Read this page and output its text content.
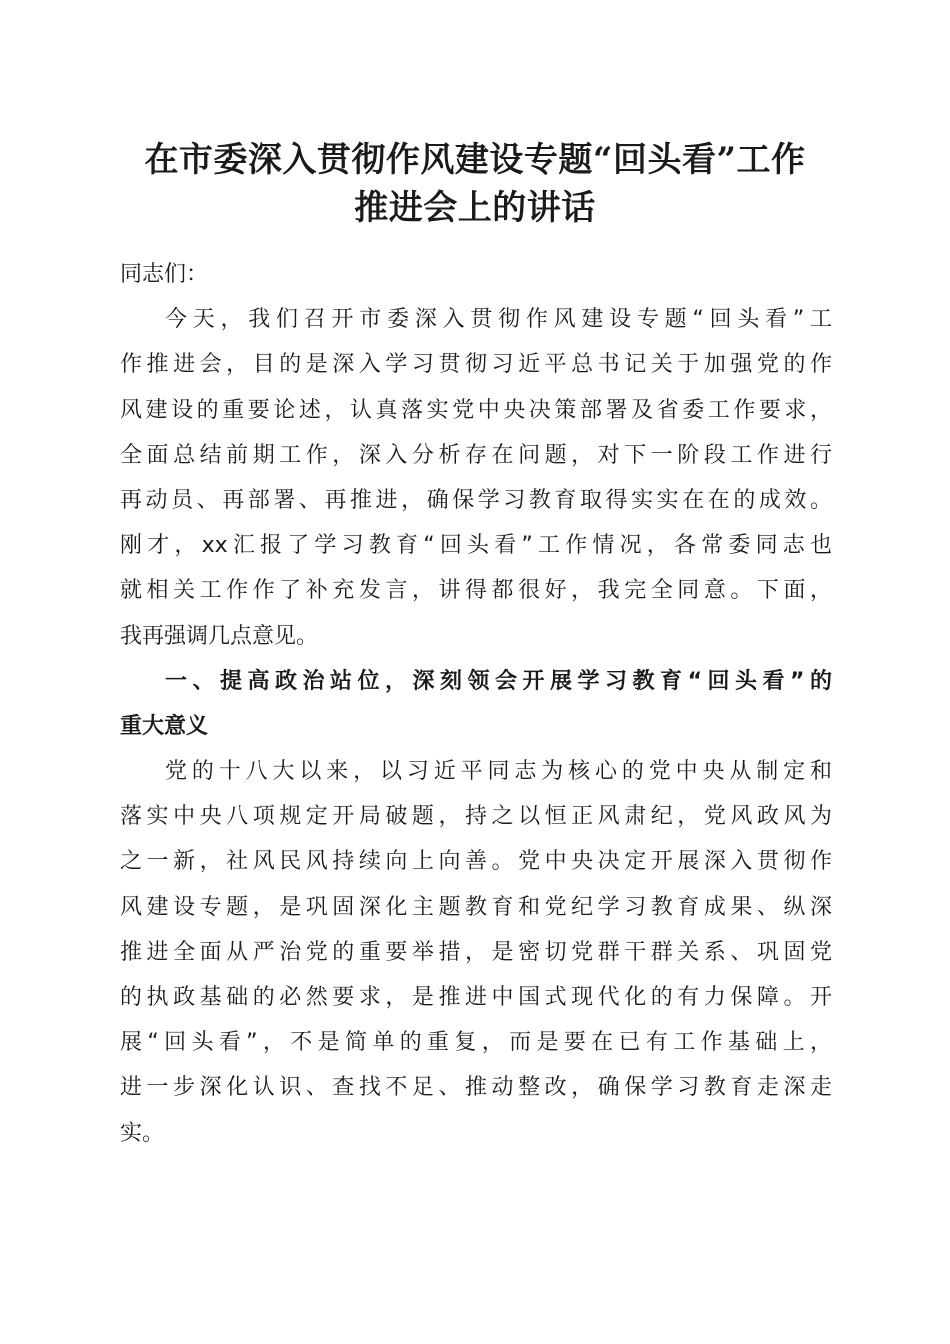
在市委深入贯彻作风建设专题“回头看”工作
推进会上的讲话
同志们：
今天，我们召开市委深入贯彻作风建设专题“回头看”工
作推进会，目的是深入学习贯彻习近平总书记关于加强党的作
风建设的重要论述，认真落实党中央决策部署及省委工作要求，
全面总结前期工作，深入分析存在问题，对下一阶段工作进行
再动员、再部署、再推进，确保学习教育取得实实在在的成效。
刚才，xx汇报了学习教育“回头看”工作情况，各常委同志也
就相关工作作了补充发言，讲得都很好，我完全同意。下面，
我再强调几点意见。
一、提高政治站位，深刻领会开展学习教育“回头看”的
重大意义
党的十八大以来，以习近平同志为核心的党中央从制定和
落实中央八项规定开局破题，持之以恒正风肃纪，党风政风为
之一新，社风民风持续向上向善。党中央决定开展深入贯彻作
风建设专题，是巩固深化主题教育和党纪学习教育成果、纵深
推进全面从严治党的重要举措，是密切党群干群关系、巩固党
的执政基础的必然要求，是推进中国式现代化的有力保障。开
展“回头看”，不是简单的重复，而是要在已有工作基础上，
进一步深化认识、查找不足、推动整改，确保学习教育走深走
实。
